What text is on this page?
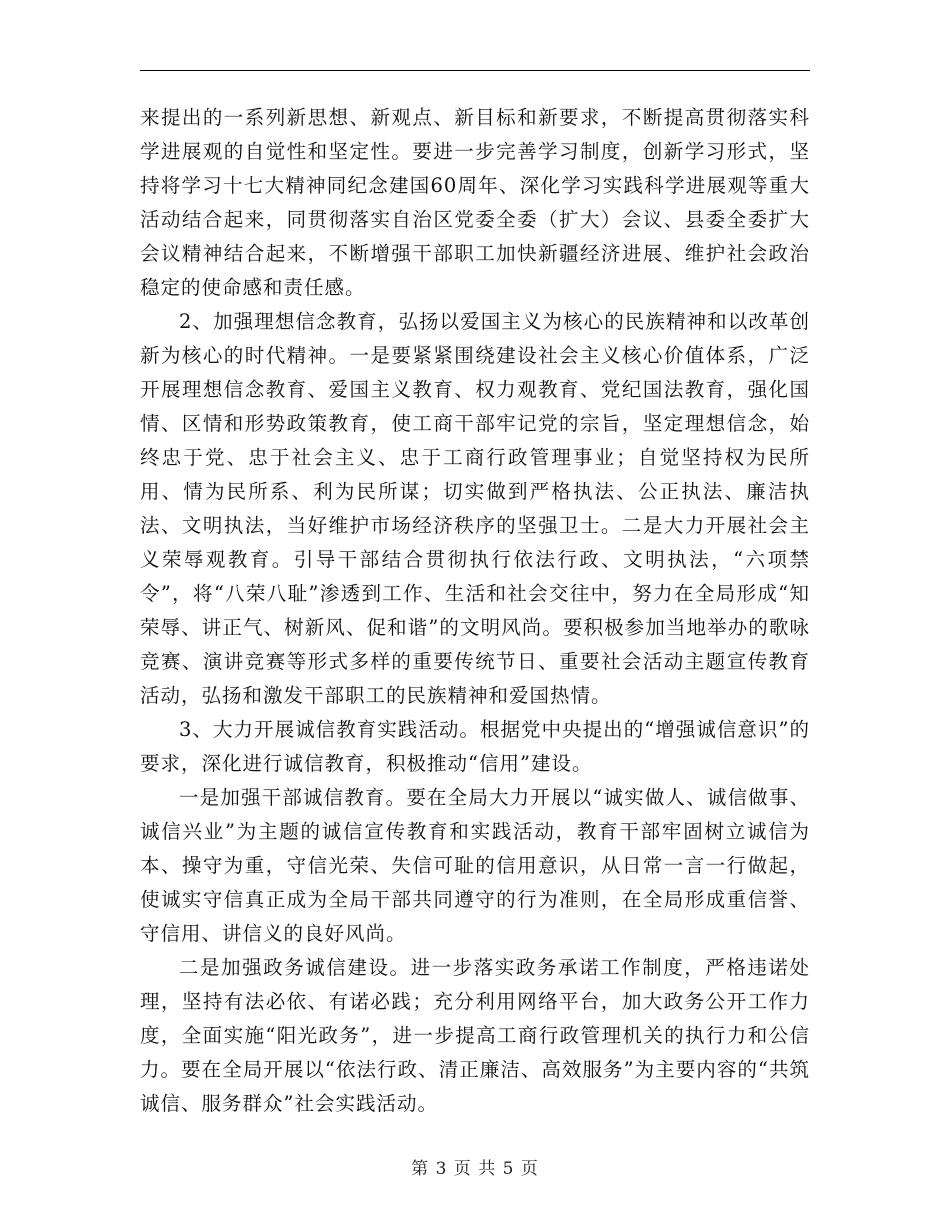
来提出的一系列新思想、新观点、新目标和新要求，不断提高贯彻落实科学进展观的自觉性和坚定性。要进一步完善学习制度，创新学习形式，坚持将学习十七大精神同纪念建国60周年、深化学习实践科学进展观等重大活动结合起来，同贯彻落实自治区党委全委（扩大）会议、县委全委扩大会议精神结合起来，不断增强干部职工加快新疆经济进展、维护社会政治稳定的使命感和责任感。

2、加强理想信念教育，弘扬以爱国主义为核心的民族精神和以改革创新为核心的时代精神。一是要紧紧围绕建设社会主义核心价值体系，广泛开展理想信念教育、爱国主义教育、权力观教育、党纪国法教育，强化国情、区情和形势政策教育，使工商干部牢记党的宗旨，坚定理想信念，始终忠于党、忠于社会主义、忠于工商行政管理事业；自觉坚持权为民所用、情为民所系、利为民所谋；切实做到严格执法、公正执法、廉洁执法、文明执法，当好维护市场经济秩序的坚强卫士。二是大力开展社会主义荣辱观教育。引导干部结合贯彻执行依法行政、文明执法，“六项禁令”，将“八荣八耻”渗透到工作、生活和社会交往中，努力在全局形成“知荣辱、讲正气、树新风、促和谐”的文明风尚。要积极参加当地举办的歌咏竞赛、演讲竞赛等形式多样的重要传统节日、重要社会活动主题宣传教育活动，弘扬和激发干部职工的民族精神和爱国热情。

3、大力开展诚信教育实践活动。根据党中央提出的“增强诚信意识”的要求，深化进行诚信教育，积极推动“信用”建设。

一是加强干部诚信教育。要在全局大力开展以“诚实做人、诚信做事、诚信兴业”为主题的诚信宣传教育和实践活动，教育干部牢固树立诚信为本、操守为重，守信光荣、失信可耻的信用意识，从日常一言一行做起，使诚实守信真正成为全局干部共同遵守的行为准则，在全局形成重信誉、守信用、讲信义的良好风尚。

二是加强政务诚信建设。进一步落实政务承诺工作制度，严格违诺处理，坚持有法必依、有诺必践；充分利用网络平台，加大政务公开工作力度，全面实施“阳光政务”，进一步提高工商行政管理机关的执行力和公信力。要在全局开展以“依法行政、清正廉洁、高效服务”为主要内容的“共筑诚信、服务群众”社会实践活动。

第 3 页 共 5 页
